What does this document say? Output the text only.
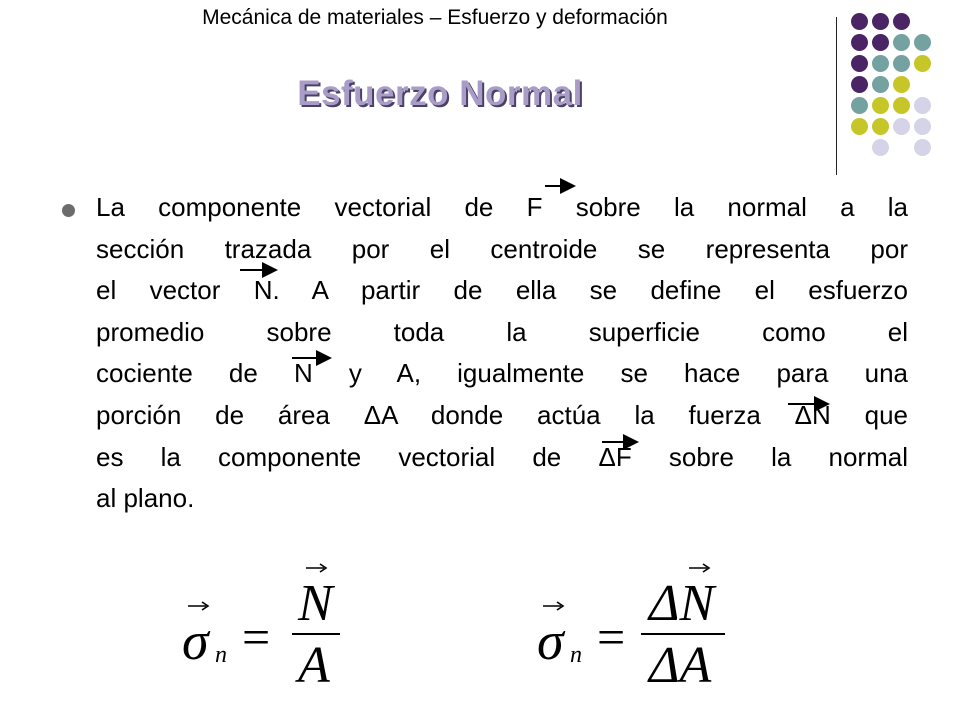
Mecánica de materiales – Esfuerzo y deformación
Esfuerzo Normal
La componente vectorial de F sobre la normal a la
sección trazada por el centroide se representa por
el vector N. A partir de ella se define el esfuerzo
promedio sobre toda la superficie como el
cociente de N y A, igualmente se hace para una
porción de área ΔA donde actúa la fuerza ΔN que
es la componente vectorial de ΔF sobre la normal
al plano.
σ n =
N
A	σ n =
ΔN
ΔA
